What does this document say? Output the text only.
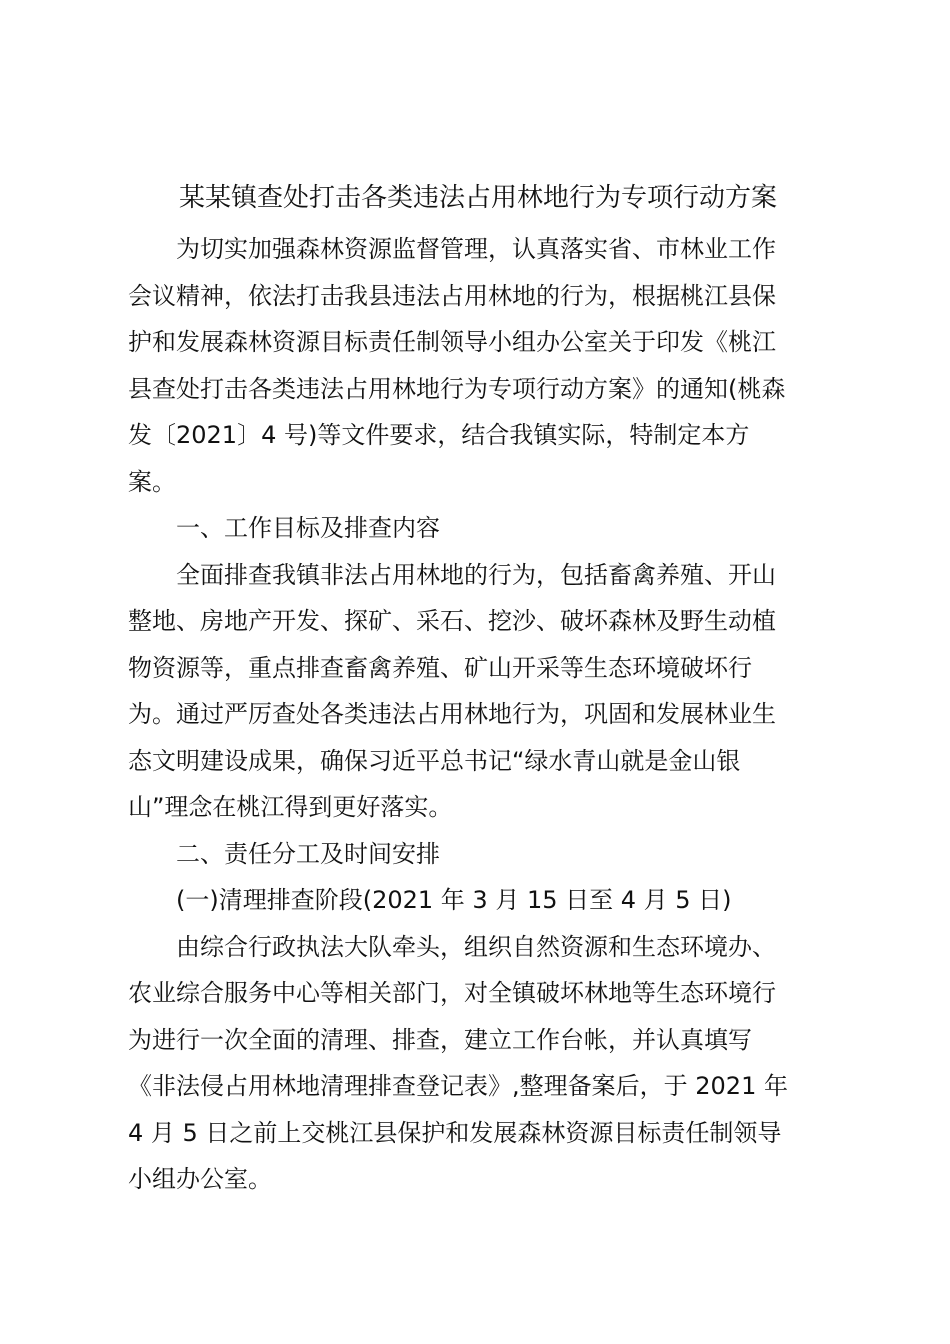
某某镇查处打击各类违法占用林地行为专项行动方案

为切实加强森林资源监督管理，认真落实省、市林业工作

会议精神，依法打击我县违法占用林地的行为，根据桃江县保

护和发展森林资源目标责任制领导小组办公室关于印发《桃江

县查处打击各类违法占用林地行为专项行动方案》的通知(桃森

发〔2021〕4 号)等文件要求，结合我镇实际，特制定本方

案。

一、工作目标及排查内容

全面排查我镇非法占用林地的行为，包括畜禽养殖、开山

整地、房地产开发、探矿、采石、挖沙、破坏森林及野生动植

物资源等，重点排查畜禽养殖、矿山开采等生态环境破坏行

为。通过严厉查处各类违法占用林地行为，巩固和发展林业生

态文明建设成果，确保习近平总书记“绿水青山就是金山银

山”理念在桃江得到更好落实。

二、责任分工及时间安排

(一)清理排查阶段(2021 年 3 月 15 日至 4 月 5 日)

由综合行政执法大队牵头，组织自然资源和生态环境办、

农业综合服务中心等相关部门，对全镇破坏林地等生态环境行

为进行一次全面的清理、排查，建立工作台帐，并认真填写

《非法侵占用林地清理排查登记表》,整理备案后，于 2021 年

4 月 5 日之前上交桃江县保护和发展森林资源目标责任制领导

小组办公室。
